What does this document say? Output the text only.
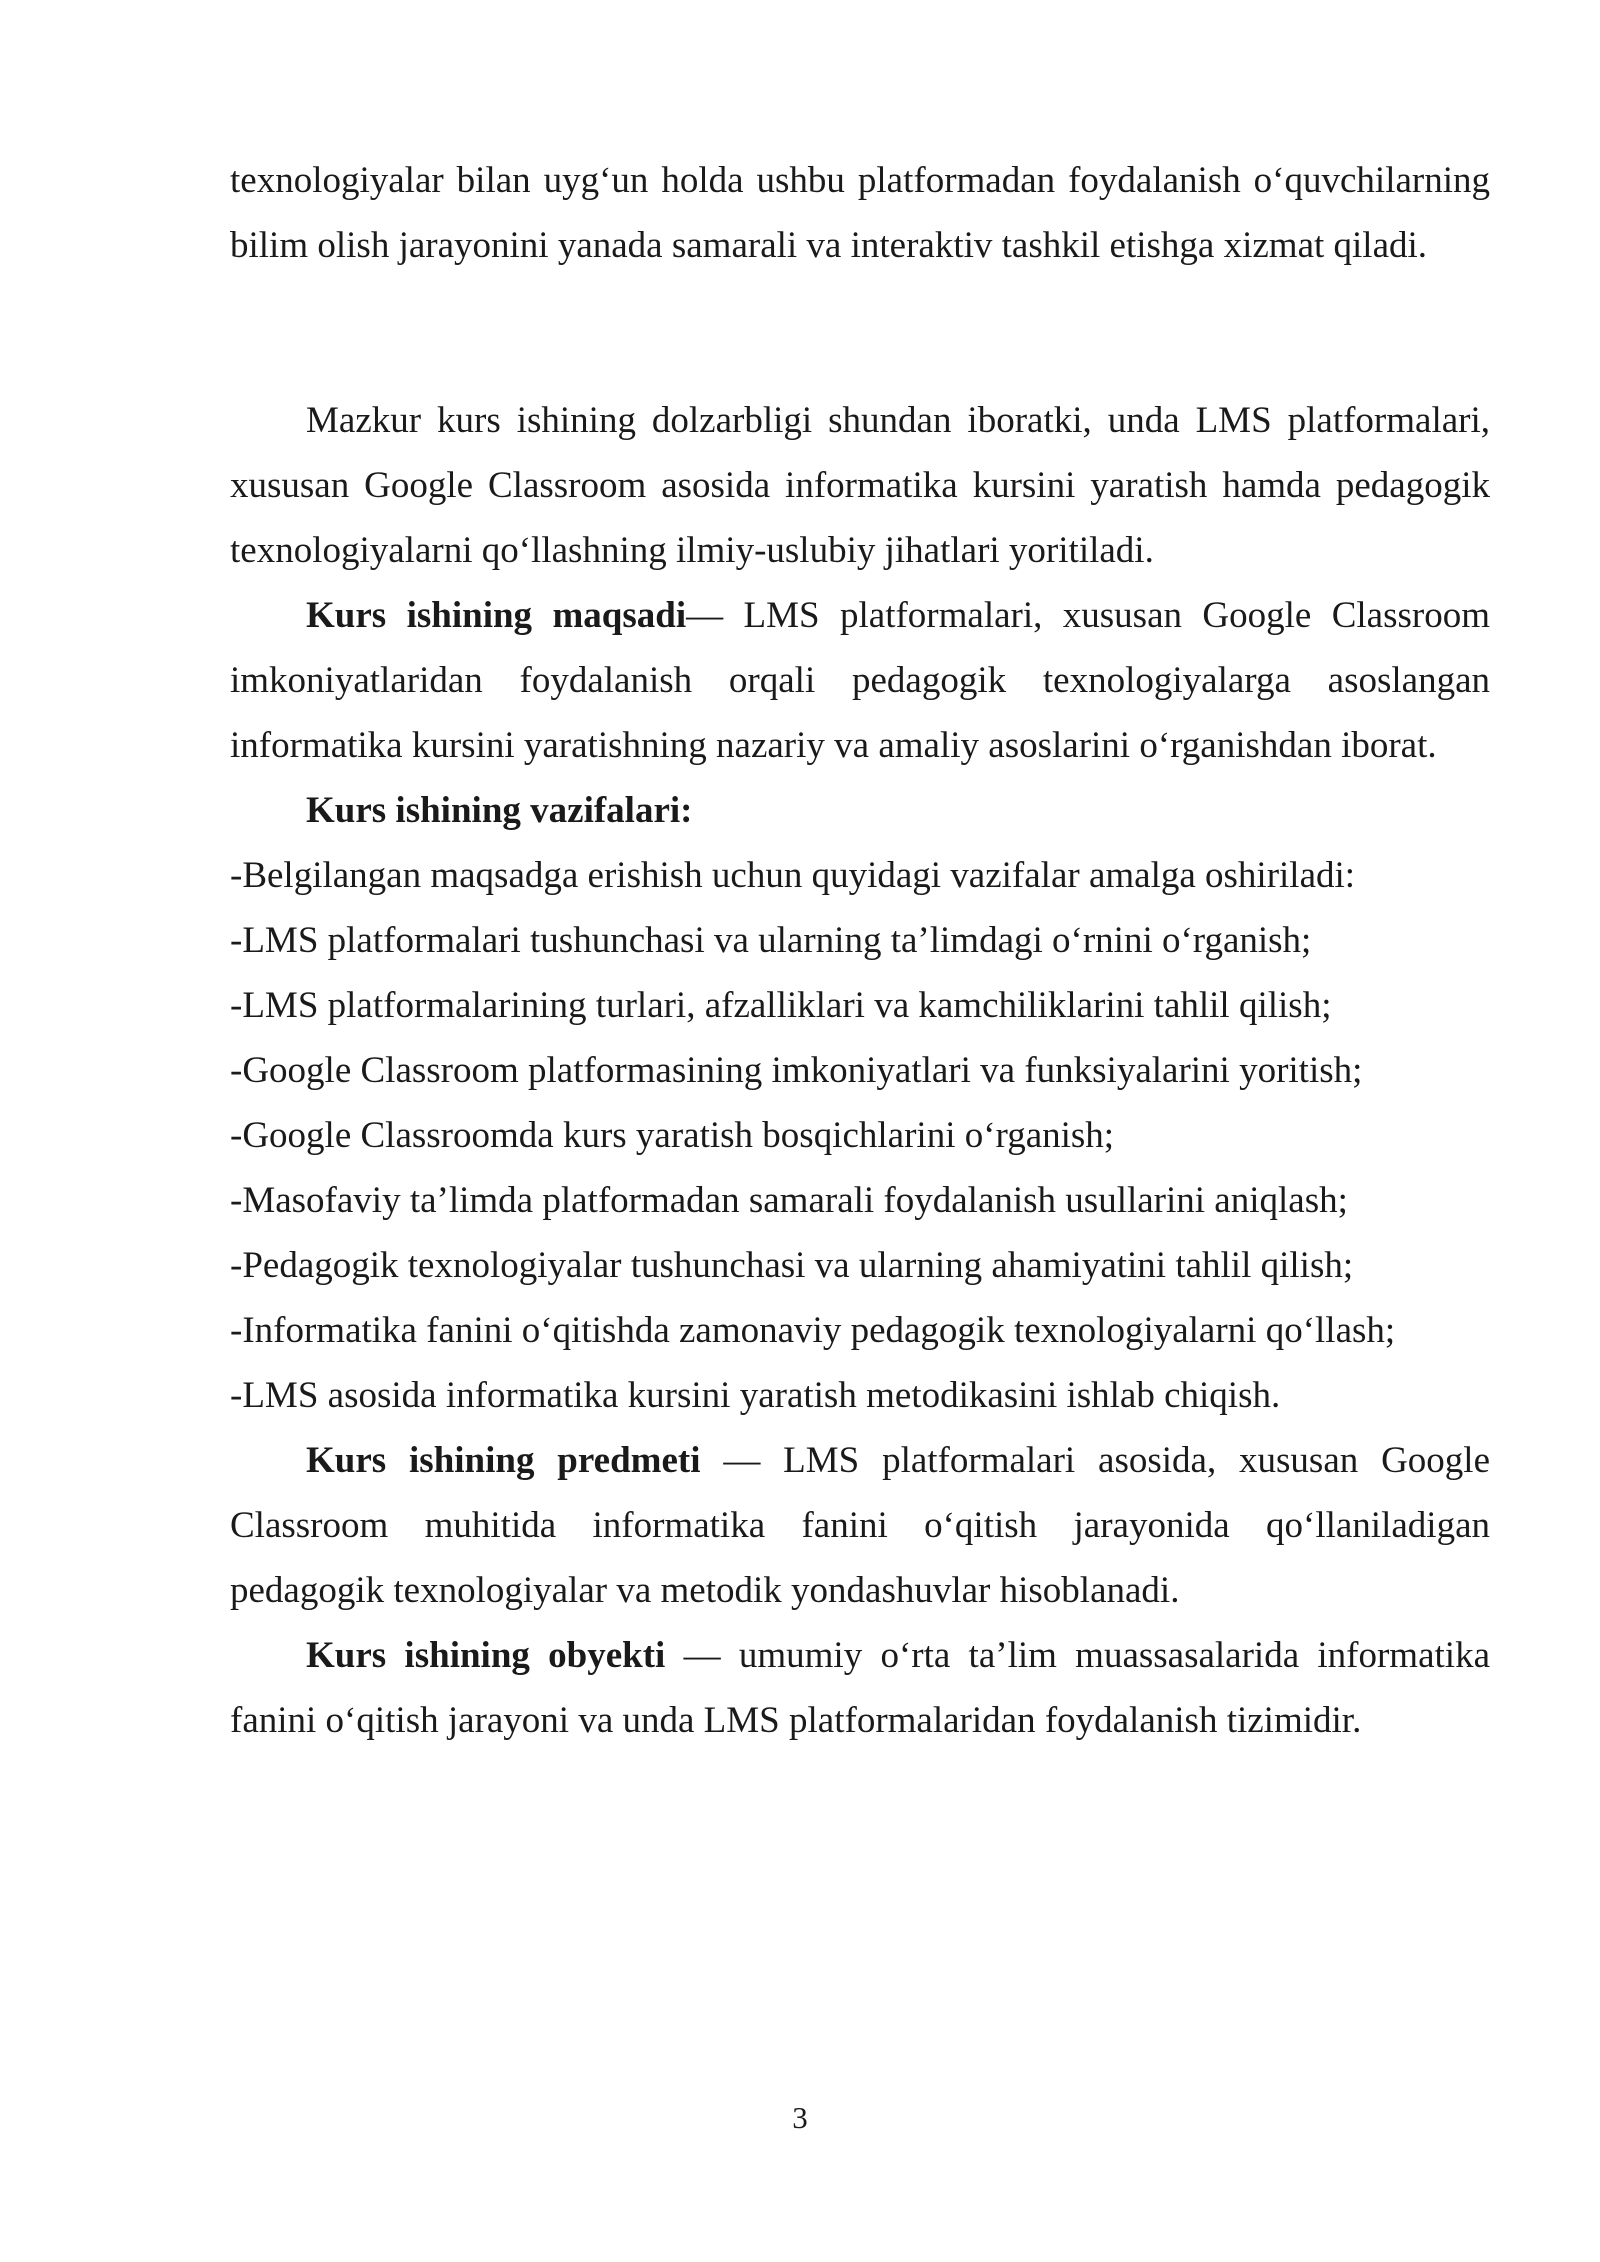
texnologiyalar bilan uyg‘un holda ushbu platformadan foydalanish o‘quvchilarning bilim olish jarayonini yanada samarali va interaktiv tashkil etishga xizmat qiladi.

Mazkur kurs ishining dolzarbligi shundan iboratki, unda LMS platformalari, xususan Google Classroom asosida informatika kursini yaratish hamda pedagogik texnologiyalarni qo‘llashning ilmiy-uslubiy jihatlari yoritiladi.

Kurs ishining maqsadi— LMS platformalari, xususan Google Classroom imkoniyatlaridan foydalanish orqali pedagogik texnologiyalarga asoslangan informatika kursini yaratishning nazariy va amaliy asoslarini o‘rganishdan iborat.

Kurs ishining vazifalari:

-Belgilangan maqsadga erishish uchun quyidagi vazifalar amalga oshiriladi:

-LMS platformalari tushunchasi va ularning ta’limdagi o‘rnini o‘rganish;

-LMS platformalarining turlari, afzalliklari va kamchiliklarini tahlil qilish;

-Google Classroom platformasining imkoniyatlari va funksiyalarini yoritish;

-Google Classroomda kurs yaratish bosqichlarini o‘rganish;

-Masofaviy ta’limda platformadan samarali foydalanish usullarini aniqlash;

-Pedagogik texnologiyalar tushunchasi va ularning ahamiyatini tahlil qilish;

-Informatika fanini o‘qitishda zamonaviy pedagogik texnologiyalarni qo‘llash;

-LMS asosida informatika kursini yaratish metodikasini ishlab chiqish.

Kurs ishining predmeti — LMS platformalari asosida, xususan Google Classroom muhitida informatika fanini o‘qitish jarayonida qo‘llaniladigan pedagogik texnologiyalar va metodik yondashuvlar hisoblanadi.

Kurs ishining obyekti — umumiy o‘rta ta’lim muassasalarida informatika fanini o‘qitish jarayoni va unda LMS platformalaridan foydalanish tizimidir.

3
